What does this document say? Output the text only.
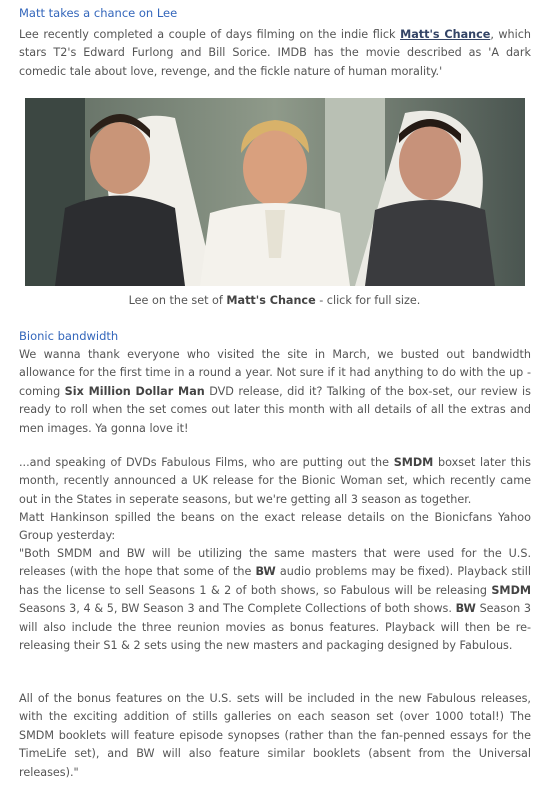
Matt takes a chance on Lee

Lee recently completed a couple of days filming on the indie flick Matt's Chance, which stars T2's Edward Furlong and Bill Sorice. IMDB has the movie described as 'A dark comedic tale about love, revenge, and the fickle nature of human morality.'

Lee on the set of Matt's Chance - click for full size.
Bionic bandwidth

We wanna thank everyone who visited the site in March, we busted out bandwidth allowance for the first time in a round a year. Not sure if it had anything to do with the up -coming Six Million Dollar Man DVD release, did it? Talking of the box-set, our review is ready to roll when the set comes out later this month with all details of all the extras and men images. Ya gonna love it!

...and speaking of DVDs Fabulous Films, who are putting out the SMDM boxset later this month, recently announced a UK release for the Bionic Woman set, which recently came out in the States in seperate seasons, but we're getting all 3 season as together.

Matt Hankinson spilled the beans on the exact release details on the Bionicfans Yahoo Group yesterday:

"Both SMDM and BW will be utilizing the same masters that were used for the U.S. releases (with the hope that some of the BW audio problems may be fixed). Playback still has the license to sell Seasons 1 & 2 of both shows, so Fabulous will be releasing SMDM Seasons 3, 4 & 5, BW Season 3 and The Complete Collections of both shows. BW Season 3 will also include the three reunion movies as bonus features. Playback will then be re-releasing their S1 & 2 sets using the new masters and packaging designed by Fabulous.

All of the bonus features on the U.S. sets will be included in the new Fabulous releases, with the exciting addition of stills galleries on each season set (over 1000 total!) The SMDM booklets will feature episode synopses (rather than the fan-penned essays for the TimeLife set), and BW will also feature similar booklets (absent from the Universal releases)."
